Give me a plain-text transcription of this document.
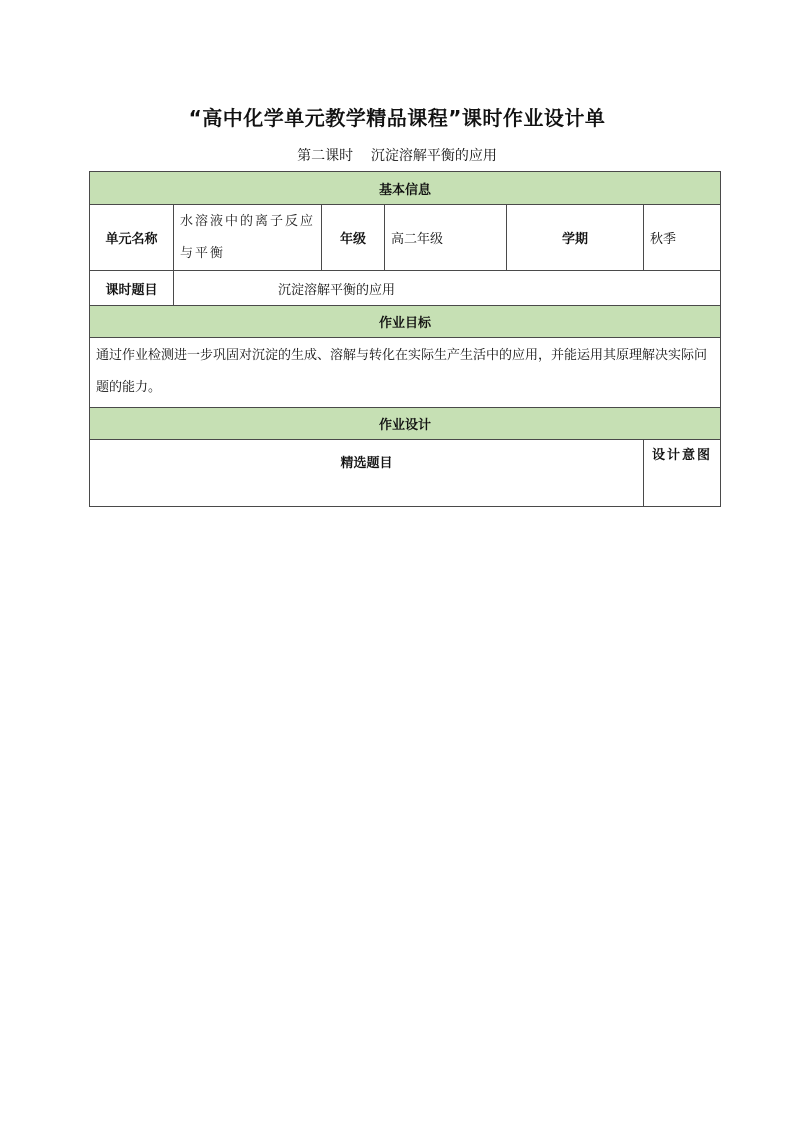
“高中化学单元教学精品课程”课时作业设计单
第二课时    沉淀溶解平衡的应用
基本信息					
单元名称	水溶液中的离子反应与平衡	年级	高二年级	学期	秋季
课时题目	沉淀溶解平衡的应用				
作业目标					
通过作业检测进一步巩固对沉淀的生成、溶解与转化在实际生产生活中的应用，并能运用其原理解决实际问题的能力。					
作业设计					
精选题目					设计意图
